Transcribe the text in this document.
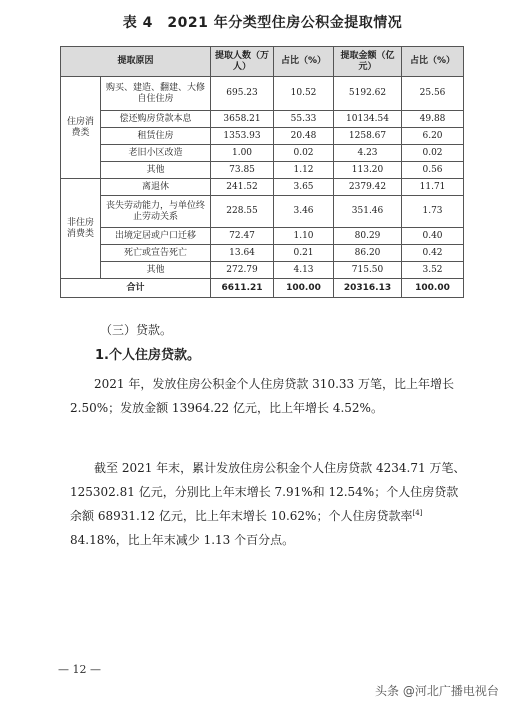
表 4　2021 年分类型住房公积金提取情况
提取原因		提取人数（万人）	占比（%）	提取金额（亿元）	占比（%）
住房消费类	购买、建造、翻建、大修自住住房	695.23	10.52	5192.62	25.56
	偿还购房贷款本息	3658.21	55.33	10134.54	49.88
	租赁住房	1353.93	20.48	1258.67	6.20
	老旧小区改造	1.00	0.02	4.23	0.02
	其他	73.85	1.12	113.20	0.56
非住房消费类	离退休	241.52	3.65	2379.42	11.71
	丧失劳动能力，与单位终止劳动关系	228.55	3.46	351.46	1.73
	出境定居或户口迁移	72.47	1.10	80.29	0.40
	死亡或宣告死亡	13.64	0.21	86.20	0.42
	其他	272.79	4.13	715.50	3.52
合计		6611.21	100.00	20316.13	100.00
（三）贷款。
1.个人住房贷款。
2021 年，发放住房公积金个人住房贷款 310.33 万笔，比上年增长 2.50%；发放金额 13964.22 亿元，比上年增长 4.52%。
截至 2021 年末，累计发放住房公积金个人住房贷款 4234.71 万笔、125302.81 亿元，分别比上年末增长 7.91%和 12.54%；个人住房贷款余额 68931.12 亿元，比上年末增长 10.62%；个人住房贷款率[4] 84.18%，比上年末减少 1.13 个百分点。
— 12 —
头条 @河北广播电视台
